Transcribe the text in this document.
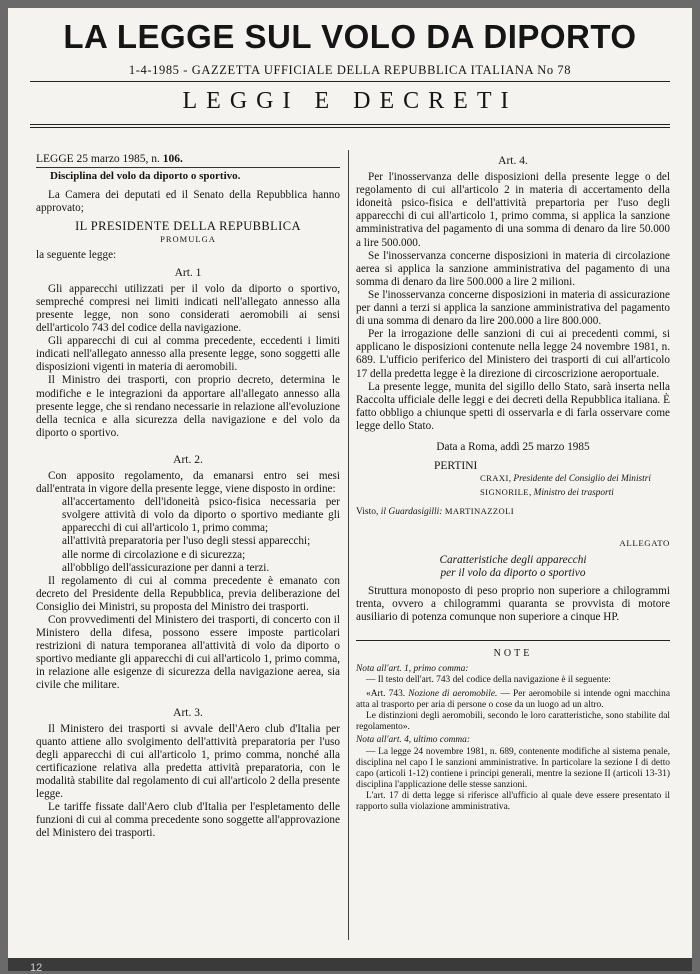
12
LA LEGGE SUL VOLO DA DIPORTO
1-4-1985 - GAZZETTA UFFICIALE DELLA REPUBBLICA ITALIANA No 78
LEGGI E DECRETI
LEGGE 25 marzo 1985, n. 106.
Disciplina del volo da diporto o sportivo.

La Camera dei deputati ed il Senato della Repubblica hanno approvato;

IL PRESIDENTE DELLA REPUBBLICA
PROMULGA

la seguente legge:

Art. 1

Gli apparecchi utilizzati per il volo da diporto o sportivo, sempreché compresi nei limiti indicati nell'allegato annesso alla presente legge, non sono considerati aeromobili ai sensi dell'articolo 743 del codice della navigazione.

Gli apparecchi di cui al comma precedente, eccedenti i limiti indicati nell'allegato annesso alla presente legge, sono soggetti alle disposizioni vigenti in materia di aeromobili.

Il Ministro dei trasporti, con proprio decreto, determina le modifiche e le integrazioni da apportare all'allegato annesso alla presente legge, che si rendano necessarie in relazione all'evoluzione della tecnica e alla sicurezza della navigazione e del volo da diporto o sportivo.

Art. 2.

Con apposito regolamento, da emanarsi entro sei mesi dall'entrata in vigore della presente legge, viene disposto in ordine:

all'accertamento dell'idoneità psico-fisica necessaria per svolgere attività di volo da diporto o sportivo mediante gli apparecchi di cui all'articolo 1, primo comma;

all'attività preparatoria per l'uso degli stessi apparecchi;

alle norme di circolazione e di sicurezza;

all'obbligo dell'assicurazione per danni a terzi.

Il regolamento di cui al comma precedente è emanato con decreto del Presidente della Repubblica, previa deliberazione del Consiglio dei Ministri, su proposta del Ministro dei trasporti.

Con provvedimenti del Ministero dei trasporti, di concerto con il Ministero della difesa, possono essere imposte particolari restrizioni di natura temporanea all'attività di volo da diporto o sportivo mediante gli apparecchi di cui all'articolo 1, primo comma, in relazione alle esigenze di sicurezza della navigazione aerea, sia civile che militare.

Art. 3.

Il Ministero dei trasporti si avvale dell'Aero club d'Italia per quanto attiene allo svolgimento dell'attività preparatoria per l'uso degli apparecchi di cui all'articolo 1, primo comma, nonché alla certificazione relativa alla predetta attività preparatoria, con le modalità stabilite dal regolamento di cui all'articolo 2 della presente legge.

Le tariffe fissate dall'Aero club d'Italia per l'espletamento delle funzioni di cui al comma precedente sono soggette all'approvazione del Ministero dei trasporti.

Art. 4.

Per l'inosservanza delle disposizioni della presente legge o del regolamento di cui all'articolo 2 in materia di accertamento della idoneità psico-fisica e dell'attività prepartoria per l'uso degli apparecchi di cui all'articolo 1, primo comma, si applica la sanzione amministrativa del pagamento di una somma di denaro da lire 50.000 a lire 500.000.

Se l'inosservanza concerne disposizioni in materia di circolazione aerea si applica la sanzione amministrativa del pagamento di una somma di denaro da lire 500.000 a lire 2 milioni.

Se l'inosservanza concerne disposizioni in materia di assicurazione per danni a terzi si applica la sanzione amministrativa del pagamento di una somma di denaro da lire 200.000 a lire 800.000.

Per la irrogazione delle sanzioni di cui ai precedenti commi, si applicano le disposizioni contenute nella legge 24 novembre 1981, n. 689. L'ufficio periferico del Ministero dei trasporti di cui all'articolo 17 della predetta legge è la direzione di circoscrizione aeroportuale.

La presente legge, munita del sigillo dello Stato, sarà inserta nella Raccolta ufficiale delle leggi e dei decreti della Repubblica italiana. È fatto obbligo a chiunque spetti di osservarla e di farla osservare come legge dello Stato.

Data a Roma, addì 25 marzo 1985
PERTINI
CRAXI, Presidente del Consiglio dei Ministri
SIGNORILE, Ministro dei trasporti
Visto, il Guardasigilli: MARTINAZZOLI
ALLEGATO
Caratteristiche degli apparecchi
per il volo da diporto o sportivo

Struttura monoposto di peso proprio non superiore a chilogrammi trenta, ovvero a chilogrammi quaranta se provvista di motore ausiliario di potenza comunque non superiore a cinque HP.

NOTE

Nota all'art. 1, primo comma:

— Il testo dell'art. 743 del codice della navigazione è il seguente:

«Art. 743. Nozione di aeromobile. — Per aeromobile si intende ogni macchina atta al trasporto per aria di persone o cose da un luogo ad un altro.

Le distinzioni degli aeromobili, secondo le loro caratteristiche, sono stabilite dal regolamento».

Nota all'art. 4, ultimo comma:

— La legge 24 novembre 1981, n. 689, contenente modifiche al sistema penale, disciplina nel capo I le sanzioni amministrative. In particolare la sezione I di detto capo (articoli 1-12) contiene i principi generali, mentre la sezione II (articoli 13-31) disciplina l'applicazione delle stesse sanzioni.

L'art. 17 di detta legge si riferisce all'ufficio al quale deve essere presentato il rapporto sulla violazione amministrativa.
